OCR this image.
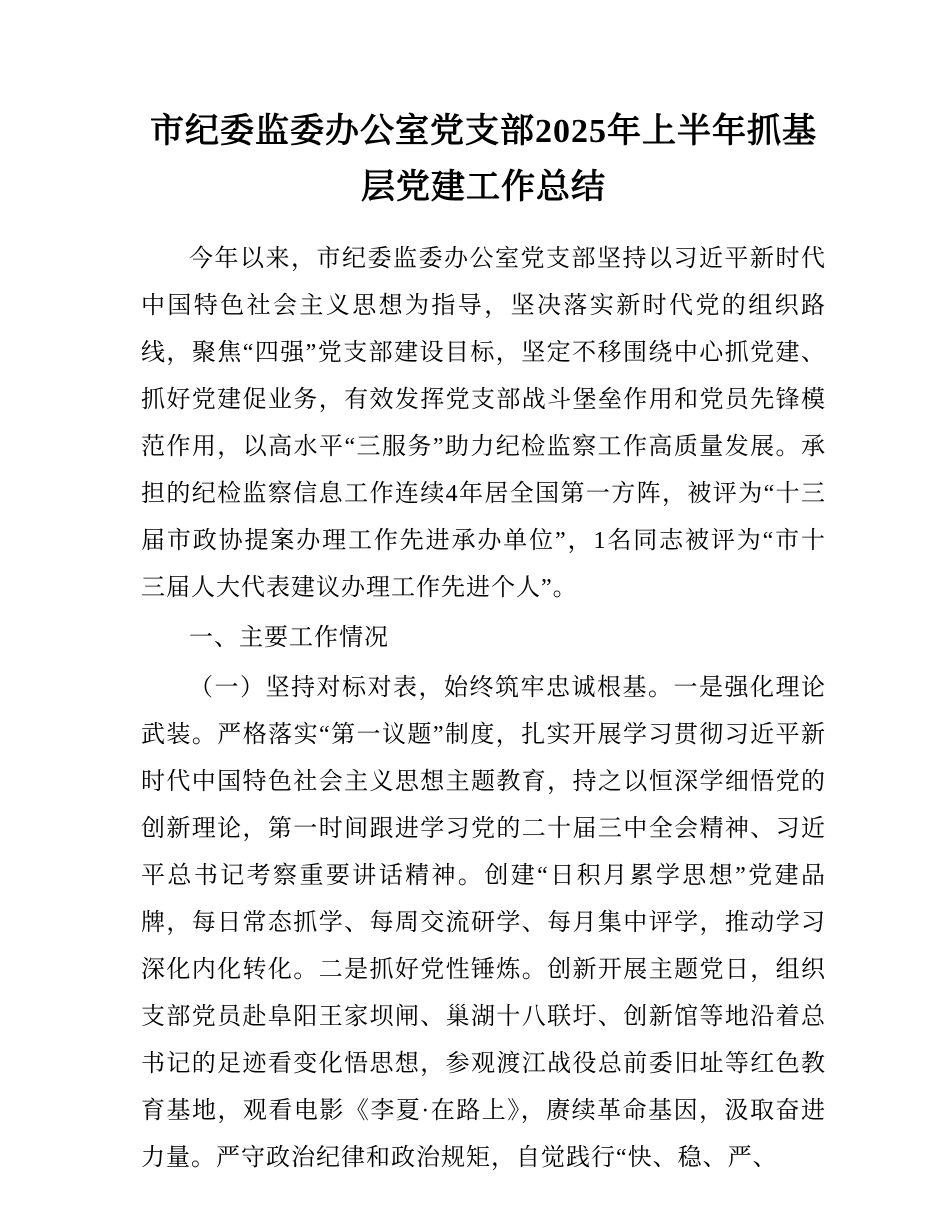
市纪委监委办公室党支部2025年上半年抓基层党建工作总结

今年以来，市纪委监委办公室党支部坚持以习近平新时代中国特色社会主义思想为指导，坚决落实新时代党的组织路线，聚焦“四强”党支部建设目标，坚定不移围绕中心抓党建、抓好党建促业务，有效发挥党支部战斗堡垒作用和党员先锋模范作用，以高水平“三服务”助力纪检监察工作高质量发展。承担的纪检监察信息工作连续4年居全国第一方阵，被评为“十三届市政协提案办理工作先进承办单位”，1名同志被评为“市十三届人大代表建议办理工作先进个人”。

一、主要工作情况

（一）坚持对标对表，始终筑牢忠诚根基。一是强化理论武装。严格落实“第一议题”制度，扎实开展学习贯彻习近平新时代中国特色社会主义思想主题教育，持之以恒深学细悟党的创新理论，第一时间跟进学习党的二十届三中全会精神、习近平总书记考察重要讲话精神。创建“日积月累学思想”党建品牌，每日常态抓学、每周交流研学、每月集中评学，推动学习深化内化转化。二是抓好党性锤炼。创新开展主题党日，组织支部党员赴阜阳王家坝闸、巢湖十八联圩、创新馆等地沿着总书记的足迹看变化悟思想，参观渡江战役总前委旧址等红色教育基地，观看电影《李夏·在路上》，赓续革命基因，汲取奋进力量。严守政治纪律和政治规矩，自觉践行“快、稳、严、
